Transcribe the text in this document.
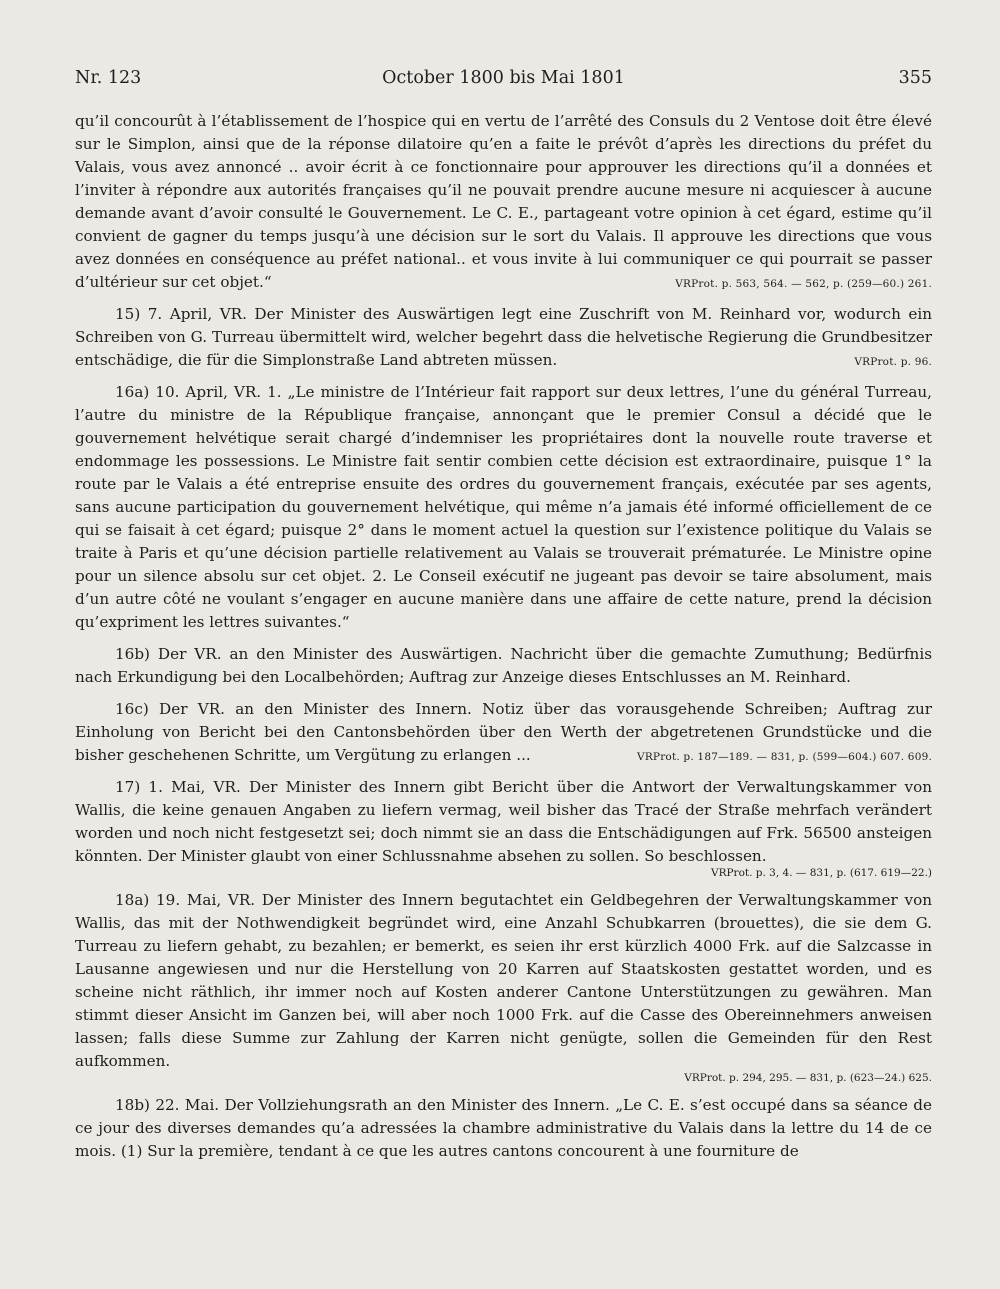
Nr. 123	October 1800 bis Mai 1801	355

qu’il concourût à l’établissement de l’hospice qui en vertu de l’arrêté des Consuls du 2 Ventose doit être élevé sur le Simplon, ainsi que de la réponse dilatoire qu’en a faite le prévôt d’après les directions du préfet du Valais, vous avez annoncé .. avoir écrit à ce fonctionnaire pour approuver les directions qu’il a données et l’inviter à répondre aux autorités françaises qu’il ne pouvait prendre aucune mesure ni acquiescer à aucune demande avant d’avoir consulté le Gouvernement. Le C. E., partageant votre opinion à cet égard, estime qu’il convient de gagner du temps jusqu’à une décision sur le sort du Valais. Il approuve les directions que vous avez données en conséquence au préfet national.. et vous invite à lui communiquer ce qui pourrait se passer d’ultérieur sur cet objet.“	VRProt. p. 563, 564. — 562, p. (259—60.) 261.

15) 7. April, VR. Der Minister des Auswärtigen legt eine Zuschrift von M. Reinhard vor, wodurch ein Schreiben von G. Turreau übermittelt wird, welcher begehrt dass die helvetische Regierung die Grundbesitzer entschädige, die für die Simplonstraße Land abtreten müssen.	VRProt. p. 96.

16a) 10. April, VR. 1. „Le ministre de l’Intérieur fait rapport sur deux lettres, l’une du général Turreau, l’autre du ministre de la République française, annonçant que le premier Consul a décidé que le gouvernement helvétique serait chargé d’indemniser les propriétaires dont la nouvelle route traverse et endommage les possessions. Le Ministre fait sentir combien cette décision est extraordinaire, puisque 1° la route par le Valais a été entreprise ensuite des ordres du gouvernement français, exécutée par ses agents, sans aucune participation du gouvernement helvétique, qui même n’a jamais été informé officiellement de ce qui se faisait à cet égard; puisque 2° dans le moment actuel la question sur l’existence politique du Valais se traite à Paris et qu’une décision partielle relativement au Valais se trouverait prématurée. Le Ministre opine pour un silence absolu sur cet objet. 2. Le Conseil exécutif ne jugeant pas devoir se taire absolument, mais d’un autre côté ne voulant s’engager en aucune manière dans une affaire de cette nature, prend la décision qu’expriment les lettres suivantes.“

16b) Der VR. an den Minister des Auswärtigen. Nachricht über die gemachte Zumuthung; Bedürfnis nach Erkundigung bei den Localbehörden; Auftrag zur Anzeige dieses Entschlusses an M. Reinhard.

16c) Der VR. an den Minister des Innern. Notiz über das vorausgehende Schreiben; Auftrag zur Einholung von Bericht bei den Cantonsbehörden über den Werth der abgetretenen Grundstücke und die bisher geschehenen Schritte, um Vergütung zu erlangen ...	VRProt. p. 187—189. — 831, p. (599—604.) 607. 609.

17) 1. Mai, VR. Der Minister des Innern gibt Bericht über die Antwort der Verwaltungskammer von Wallis, die keine genauen Angaben zu liefern vermag, weil bisher das Tracé der Straße mehrfach verändert worden und noch nicht festgesetzt sei; doch nimmt sie an dass die Entschädigungen auf Frk. 56500 ansteigen könnten. Der Minister glaubt von einer Schlussnahme absehen zu sollen. So beschlossen.

VRProt. p. 3, 4. — 831, p. (617. 619—22.)

18a) 19. Mai, VR. Der Minister des Innern begutachtet ein Geldbegehren der Verwaltungskammer von Wallis, das mit der Nothwendigkeit begründet wird, eine Anzahl Schubkarren (brouettes), die sie dem G. Turreau zu liefern gehabt, zu bezahlen; er bemerkt, es seien ihr erst kürzlich 4000 Frk. auf die Salzcasse in Lausanne angewiesen und nur die Herstellung von 20 Karren auf Staatskosten gestattet worden, und es scheine nicht räthlich, ihr immer noch auf Kosten anderer Cantone Unterstützungen zu gewähren. Man stimmt dieser Ansicht im Ganzen bei, will aber noch 1000 Frk. auf die Casse des Obereinnehmers anweisen lassen; falls diese Summe zur Zahlung der Karren nicht genügte, sollen die Gemeinden für den Rest aufkommen.

VRProt. p. 294, 295. — 831, p. (623—24.) 625.

18b) 22. Mai. Der Vollziehungsrath an den Minister des Innern. „Le C. E. s’est occupé dans sa séance de ce jour des diverses demandes qu’a adressées la chambre administrative du Valais dans la lettre du 14 de ce mois. (1) Sur la première, tendant à ce que les autres cantons concourent à une fourniture de
